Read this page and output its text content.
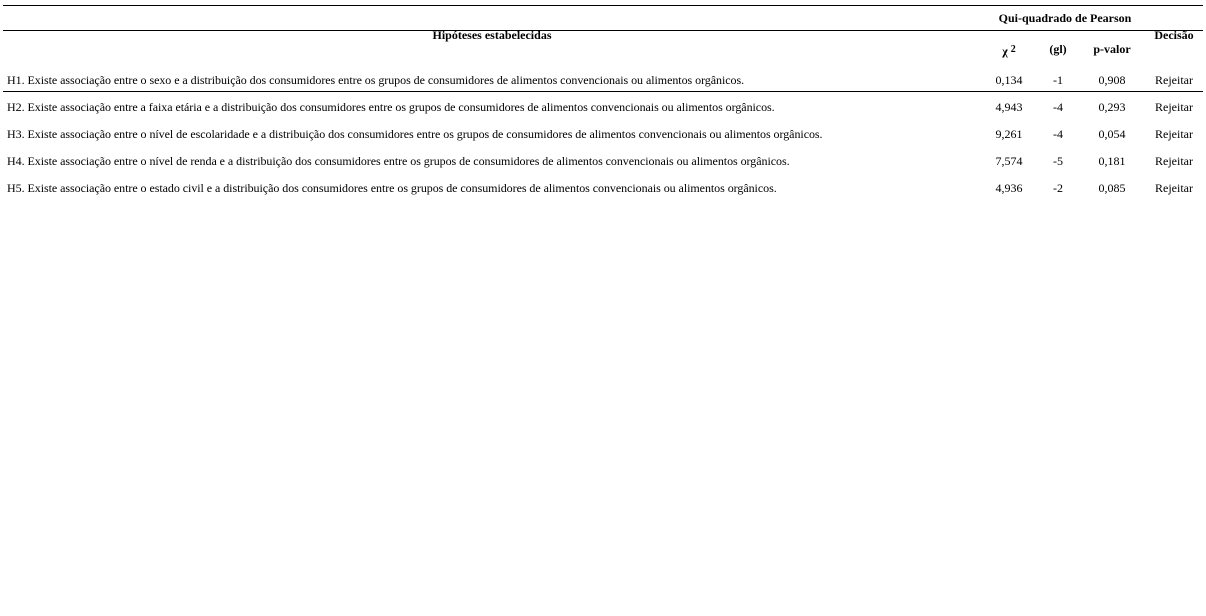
Qui-quadrado de Pearson
Hipóteses estabelecidas	Decisão
χ $^2$	(gl)	p-valor
H1. Existe associação entre o sexo e a distribuição dos consumidores entre os grupos de consumidores de alimentos convencionais ou alimentos orgânicos.	0,134	-1	0,908	Rejeitar
H2. Existe associação entre a faixa etária e a distribuição dos consumidores entre os grupos de consumidores de alimentos convencionais ou alimentos orgânicos.	4,943	-4	0,293	Rejeitar
H3. Existe associação entre o nível de escolaridade e a distribuição dos consumidores entre os grupos de consumidores de alimentos convencionais ou alimentos orgânicos.	9,261	-4	0,054	Rejeitar
H4. Existe associação entre o nível de renda e a distribuição dos consumidores entre os grupos de consumidores de alimentos convencionais ou alimentos orgânicos.	7,574	-5	0,181	Rejeitar
H5. Existe associação entre o estado civil e a distribuição dos consumidores entre os grupos de consumidores de alimentos convencionais ou alimentos orgânicos.	4,936	-2	0,085	Rejeitar
